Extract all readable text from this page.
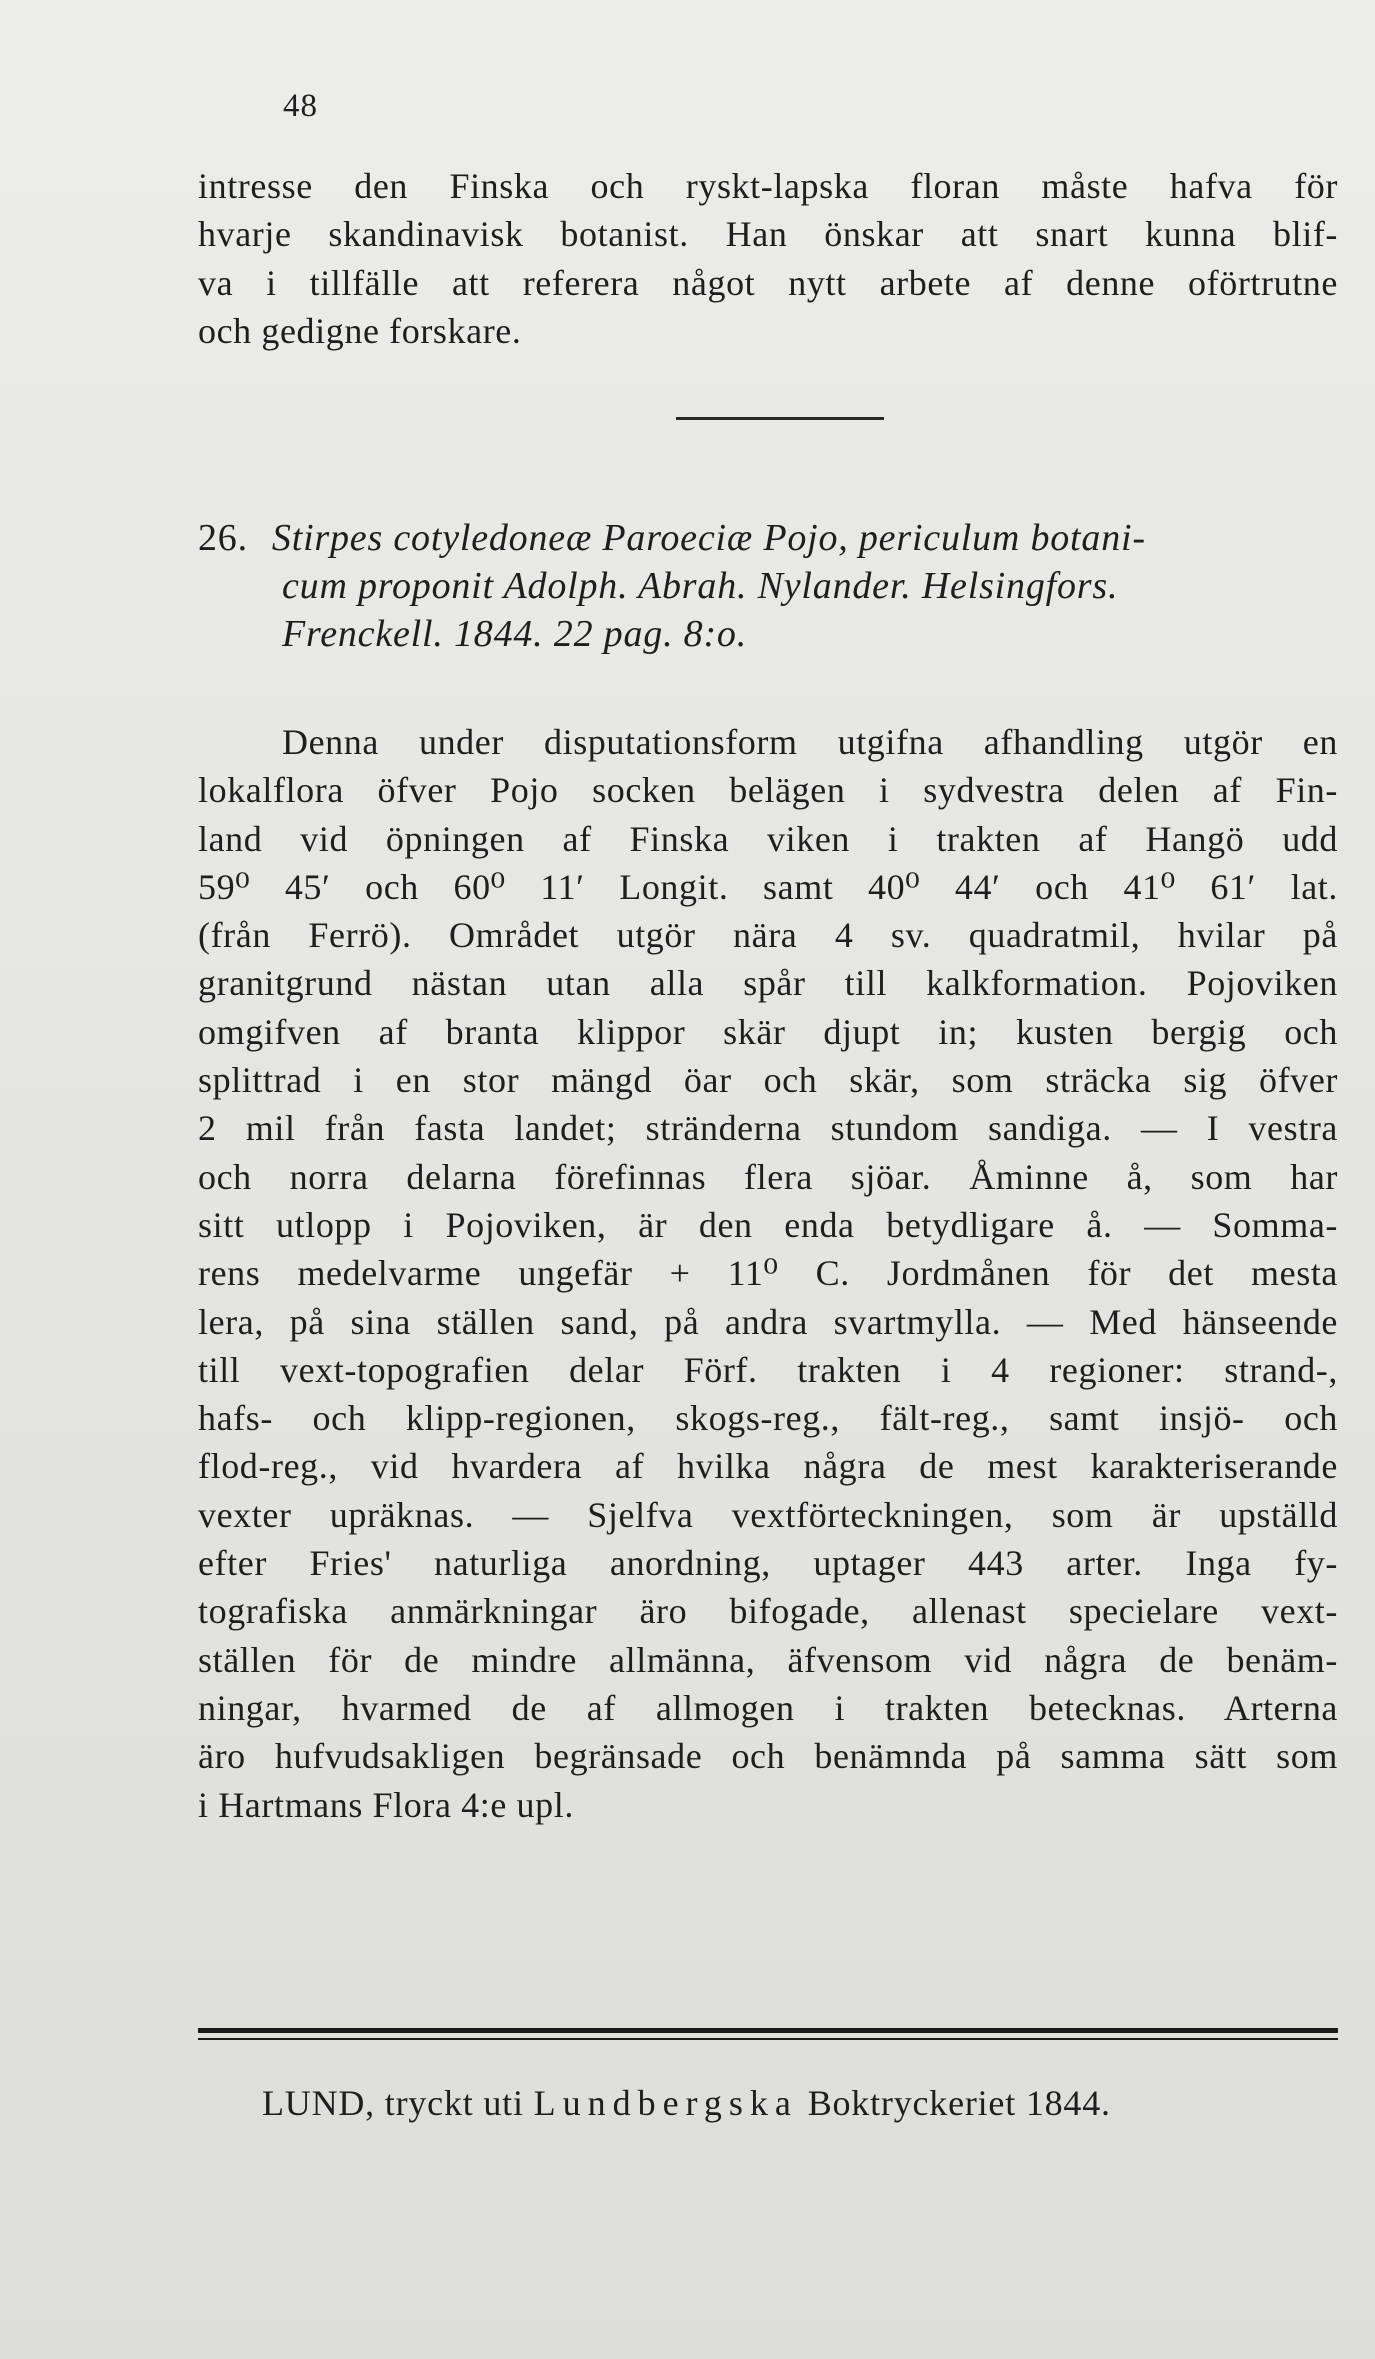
48

intresse den Finska och ryskt-lapska floran måste hafva för
hvarje skandinavisk botanist. Han önskar att snart kunna blif-
va i tillfälle att referera något nytt arbete af denne oförtrutne
och gedigne forskare.

26. Stirpes cotyledoneæ Paroeciæ Pojo, periculum botani-
cum proponit Adolph. Abrah. Nylander. Helsingfors.
Frenckell. 1844. 22 pag. 8:o.

Denna under disputationsform utgifna afhandling utgör en
lokalflora öfver Pojo socken belägen i sydvestra delen af Fin-
land vid öpningen af Finska viken i trakten af Hangö udd
59⁰ 45′ och 60⁰ 11′ Longit. samt 40⁰ 44′ och 41⁰ 61′ lat.
(från Ferrö). Området utgör nära 4 sv. quadratmil, hvilar på
granitgrund nästan utan alla spår till kalkformation. Pojoviken
omgifven af branta klippor skär djupt in; kusten bergig och
splittrad i en stor mängd öar och skär, som sträcka sig öfver
2 mil från fasta landet; stränderna stundom sandiga. — I vestra
och norra delarna förefinnas flera sjöar. Åminne å, som har
sitt utlopp i Pojoviken, är den enda betydligare å. — Somma-
rens medelvarme ungefär + 11⁰ C. Jordmånen för det mesta
lera, på sina ställen sand, på andra svartmylla. — Med hänseende
till vext-topografien delar Förf. trakten i 4 regioner: strand-,
hafs- och klipp-regionen, skogs-reg., fält-reg., samt insjö- och
flod-reg., vid hvardera af hvilka några de mest karakteriserande
vexter upräknas. — Sjelfva vextförteckningen, som är upställd
efter Fries' naturliga anordning, uptager 443 arter. Inga fy-
tografiska anmärkningar äro bifogade, allenast specielare vext-
ställen för de mindre allmänna, äfvensom vid några de benäm-
ningar, hvarmed de af allmogen i trakten betecknas. Arterna
äro hufvudsakligen begränsade och benämnda på samma sätt som
i Hartmans Flora 4:e upl.

LUND, tryckt uti Lundbergska Boktryckeriet 1844.
